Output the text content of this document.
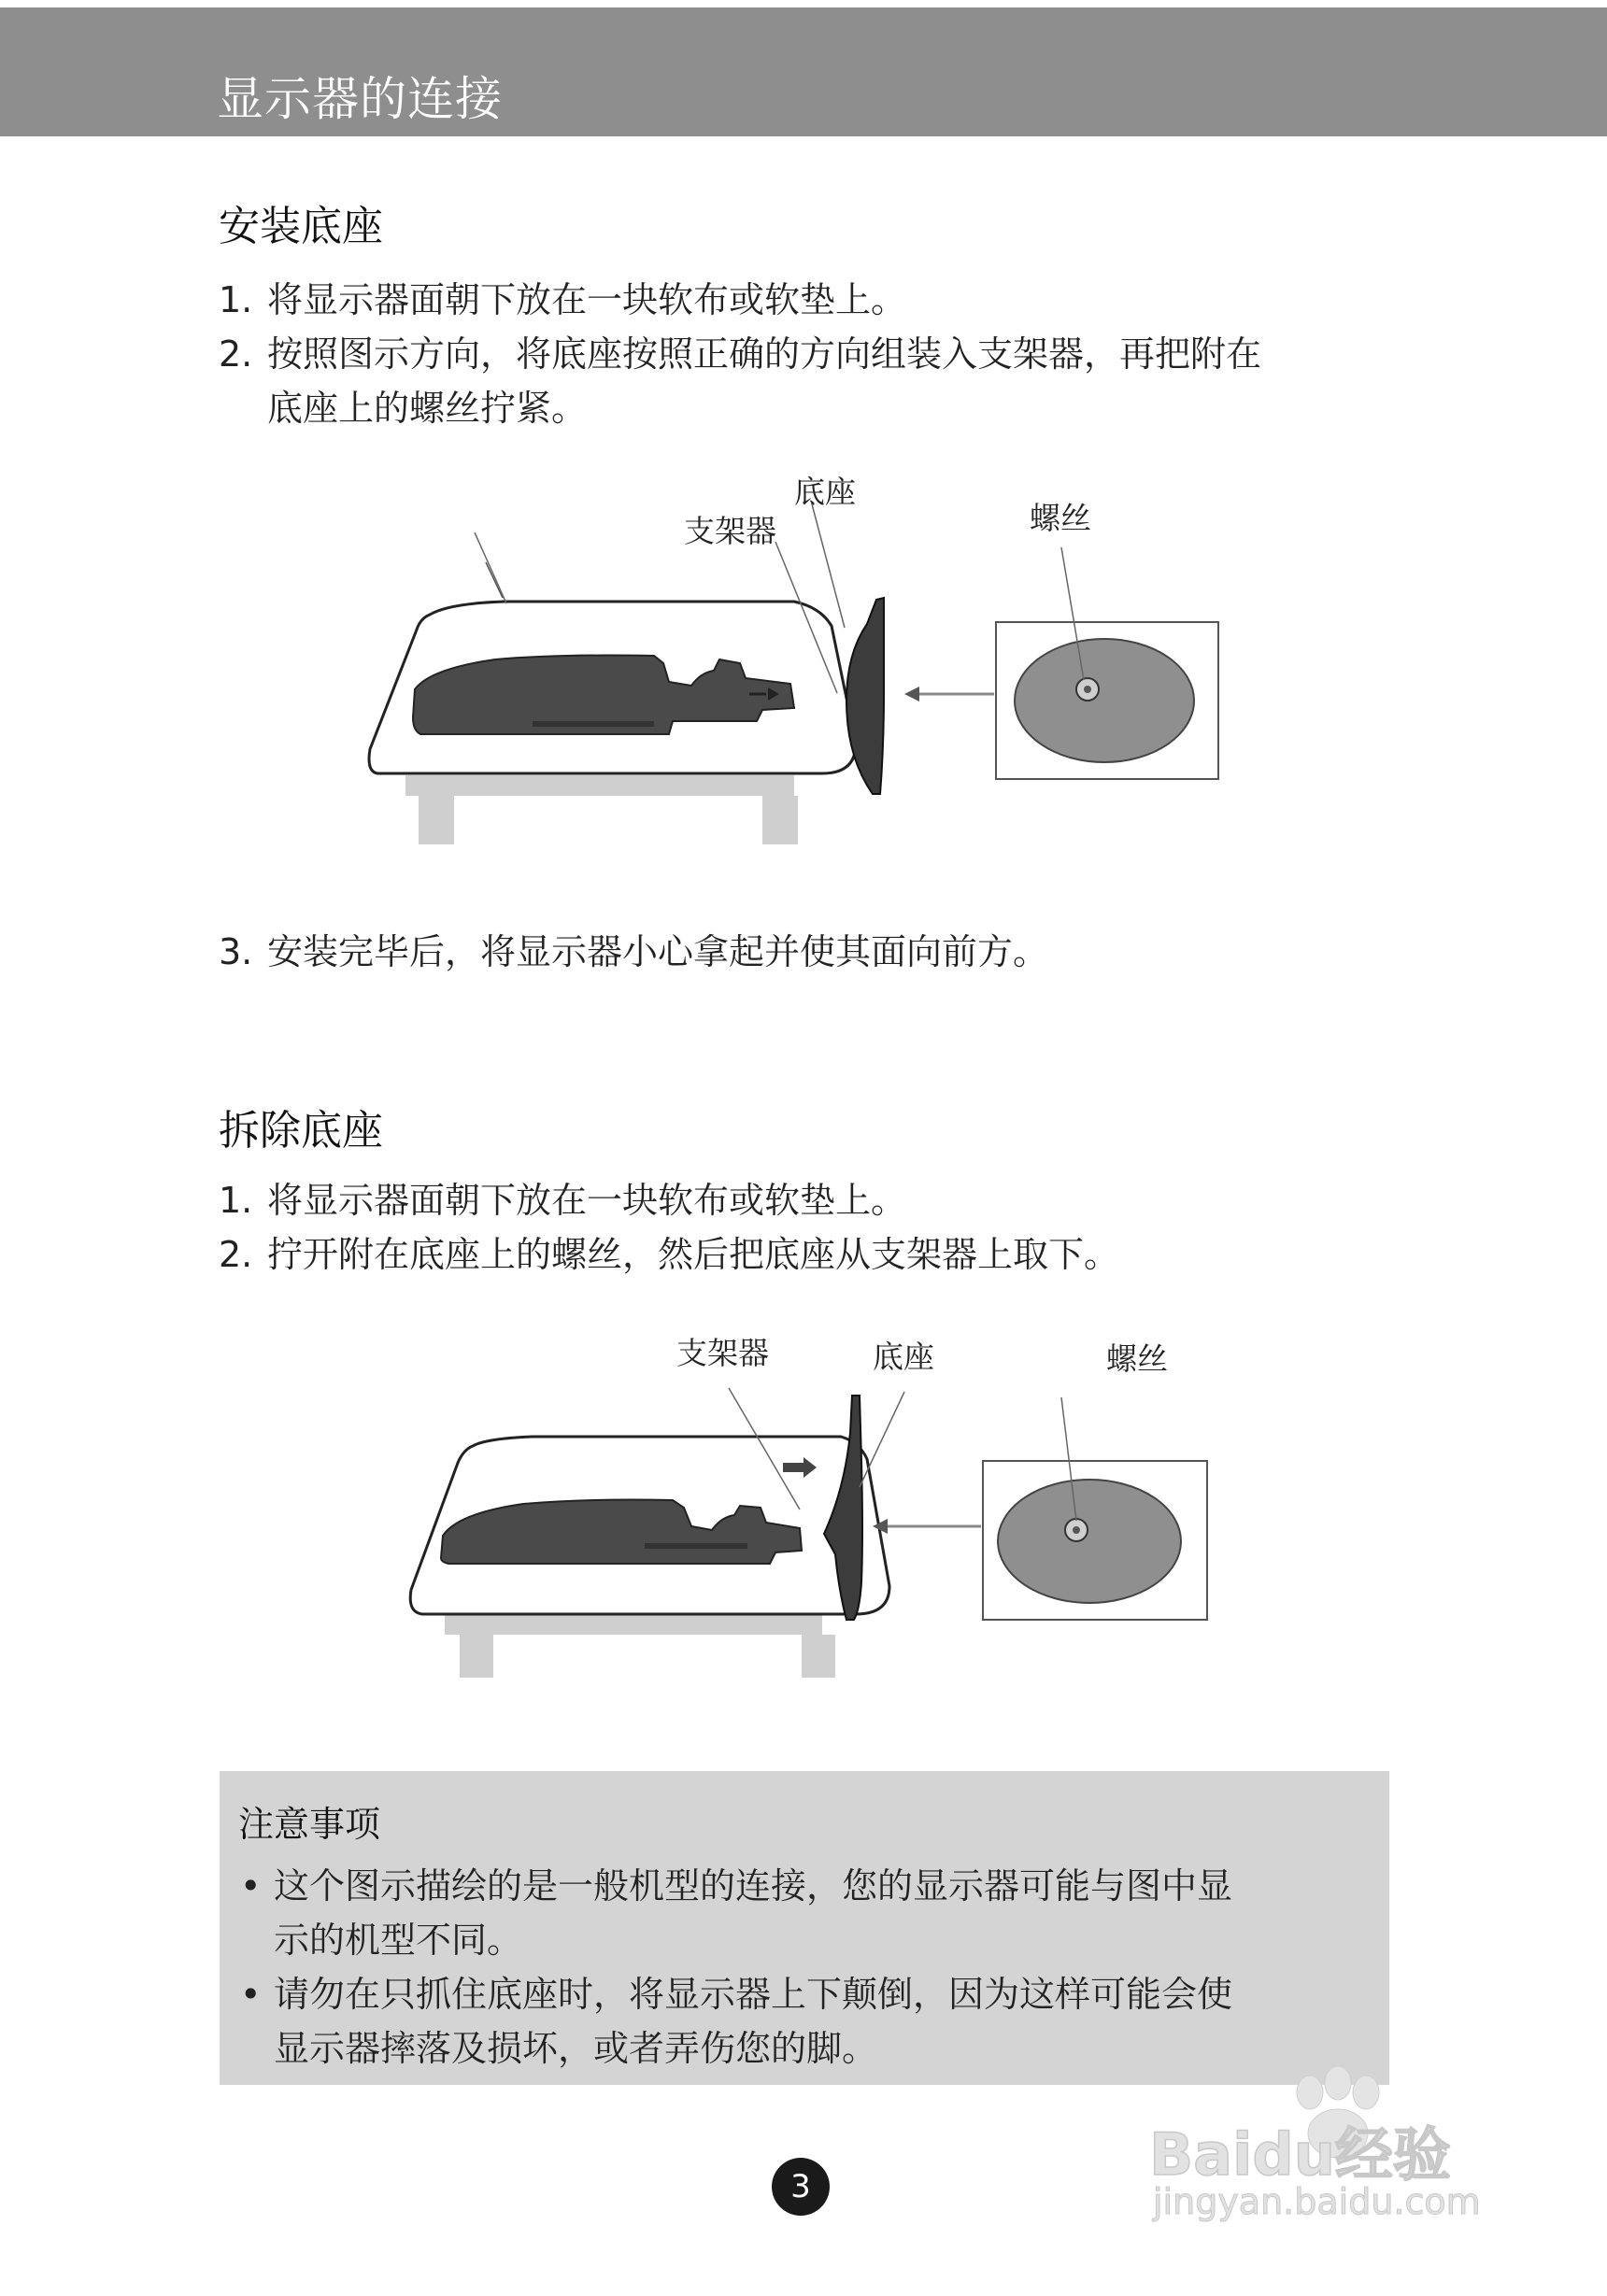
显示器的连接
安装底座
1. 将显示器面朝下放在一块软布或软垫上。
2. 按照图示方向，将底座按照正确的方向组装入支架器，再把附在
底座上的螺丝拧紧。
支架器
底座
螺丝
3. 安装完毕后，将显示器小心拿起并使其面向前方。
拆除底座
1. 将显示器面朝下放在一块软布或软垫上。
2. 拧开附在底座上的螺丝，然后把底座从支架器上取下。
支架器	底座	螺丝
注意事项
• 这个图示描绘的是一般机型的连接，您的显示器可能与图中显
示的机型不同。
• 请勿在只抓住底座时，将显示器上下颠倒，因为这样可能会使
显示器摔落及损坏，或者弄伤您的脚。
3	Baidu经验
jingyan.baidu.com
